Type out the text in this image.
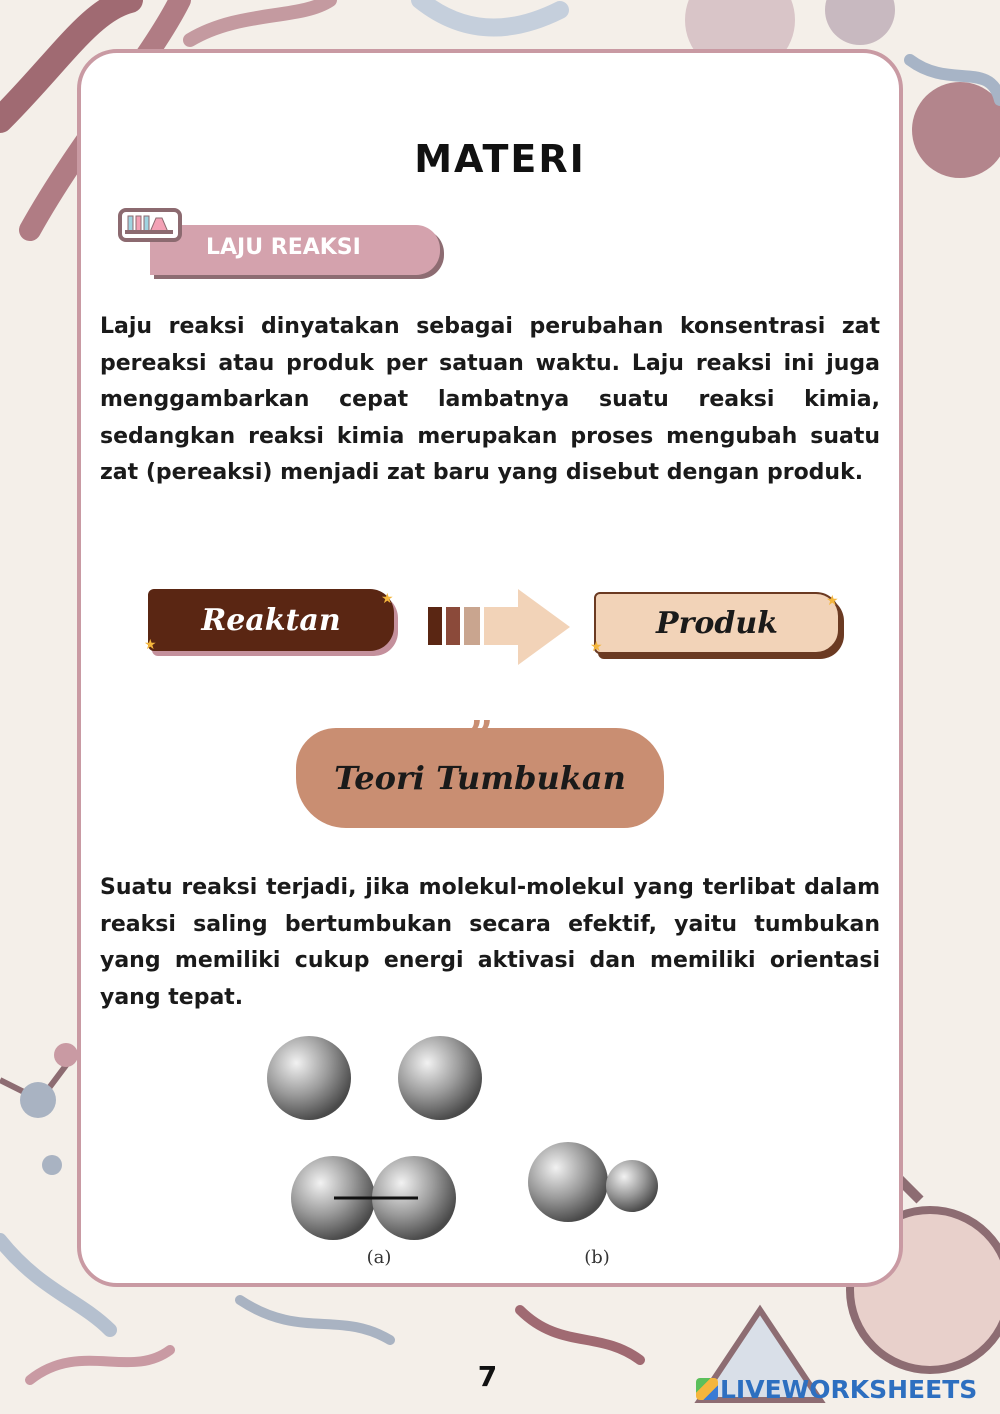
MATERI
LAJU REAKSI
Laju reaksi dinyatakan sebagai perubahan konsentrasi zat pereaksi atau produk per satuan waktu. Laju reaksi ini juga menggambarkan cepat lambatnya suatu reaksi kimia, sedangkan reaksi kimia merupakan proses mengubah suatu zat (pereaksi) menjadi zat baru yang disebut dengan produk.
Reaktan
★
★
Produk
★
★
Teori Tumbukan
”
Suatu reaksi terjadi, jika molekul-molekul yang terlibat dalam reaksi saling bertumbukan secara efektif, yaitu tumbukan yang memiliki cukup energi aktivasi dan memiliki orientasi yang tepat.
(a)	(b)
7	LIVEWORKSHEETS
